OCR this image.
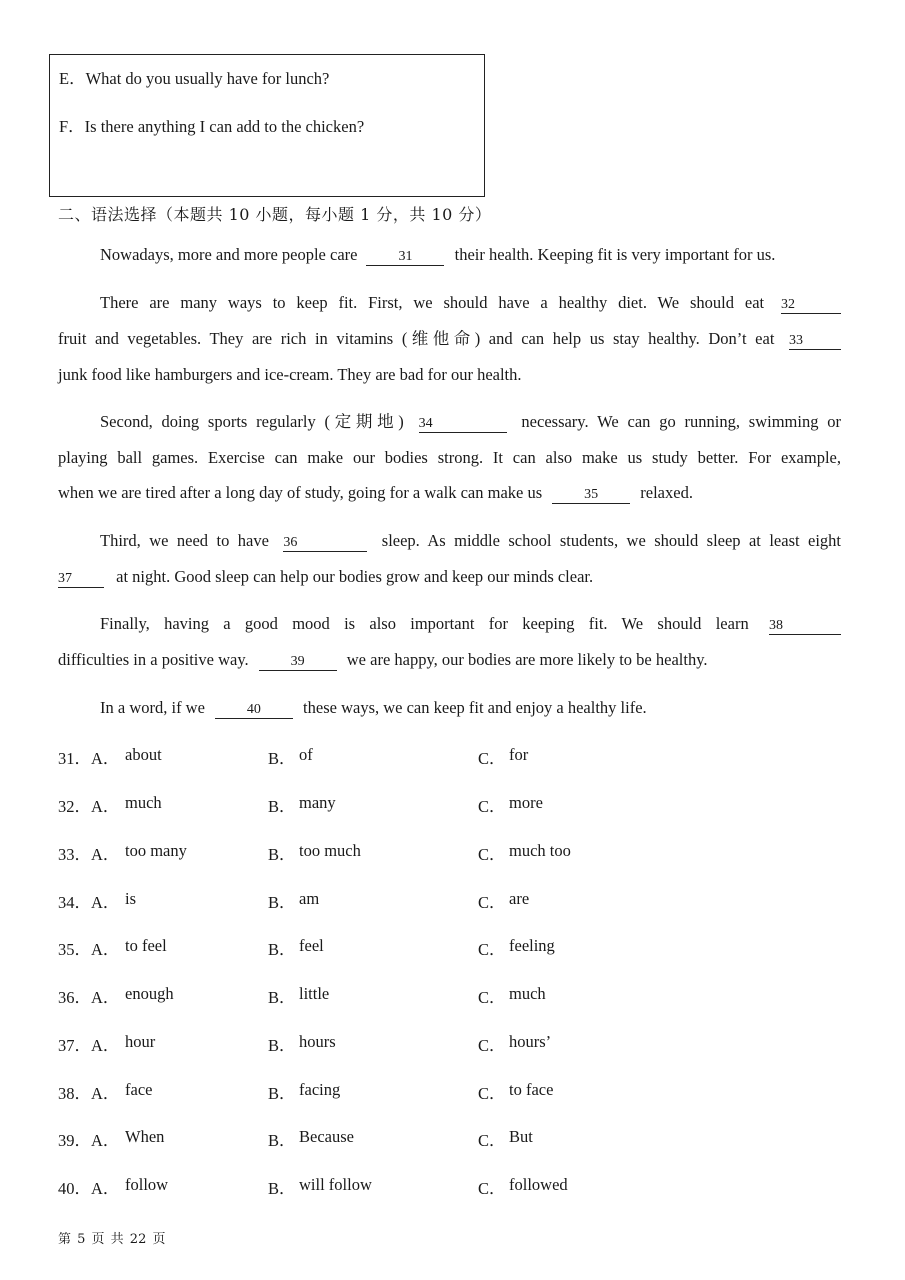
E．What do you usually have for lunch?
F．Is there anything I can add to the chicken?
二、语法选择（本题共 10 小题，每小题 1 分，共 10 分）
Nowadays, more and more people care	31	their health. Keeping fit is very important for us.
There are many ways to keep fit. First, we should have a healthy diet. We should eat 32
fruit and vegetables. They are rich in vitamins (维他命) and can help us stay healthy. Don’t eat 33
junk food like hamburgers and ice-cream. They are bad for our health.
Second, doing sports regularly (定期地) 34	necessary. We can go running, swimming or
playing ball games. Exercise can make our bodies strong. It can also make us study better. For example,
when we are tired after a long day of study, going for a walk can make us	35	relaxed.
Third, we need to have 36	sleep. As middle school students, we should sleep at least eight
37	at night. Good sleep can help our bodies grow and keep our minds clear.
Finally, having a good mood is also important for keeping fit. We should learn 38
difficulties in a positive way.	39	we are happy, our bodies are more likely to be healthy.
In a word, if we	40	these ways, we can keep fit and enjoy a healthy life.
31．A． about	B． of	C． for
32．A． much	B． many	C． more
33．A． too many	B． too much	C． much too
34．A． is	B． am	C． are
35．A． to feel	B． feel	C． feeling
36．A． enough	B． little	C． much
37．A． hour	B． hours	C． hours’
38．A． face	B． facing	C． to face
39．A． When	B． Because	C． But
40．A． follow	B． will follow	C． followed
第 5 页 共 22 页
